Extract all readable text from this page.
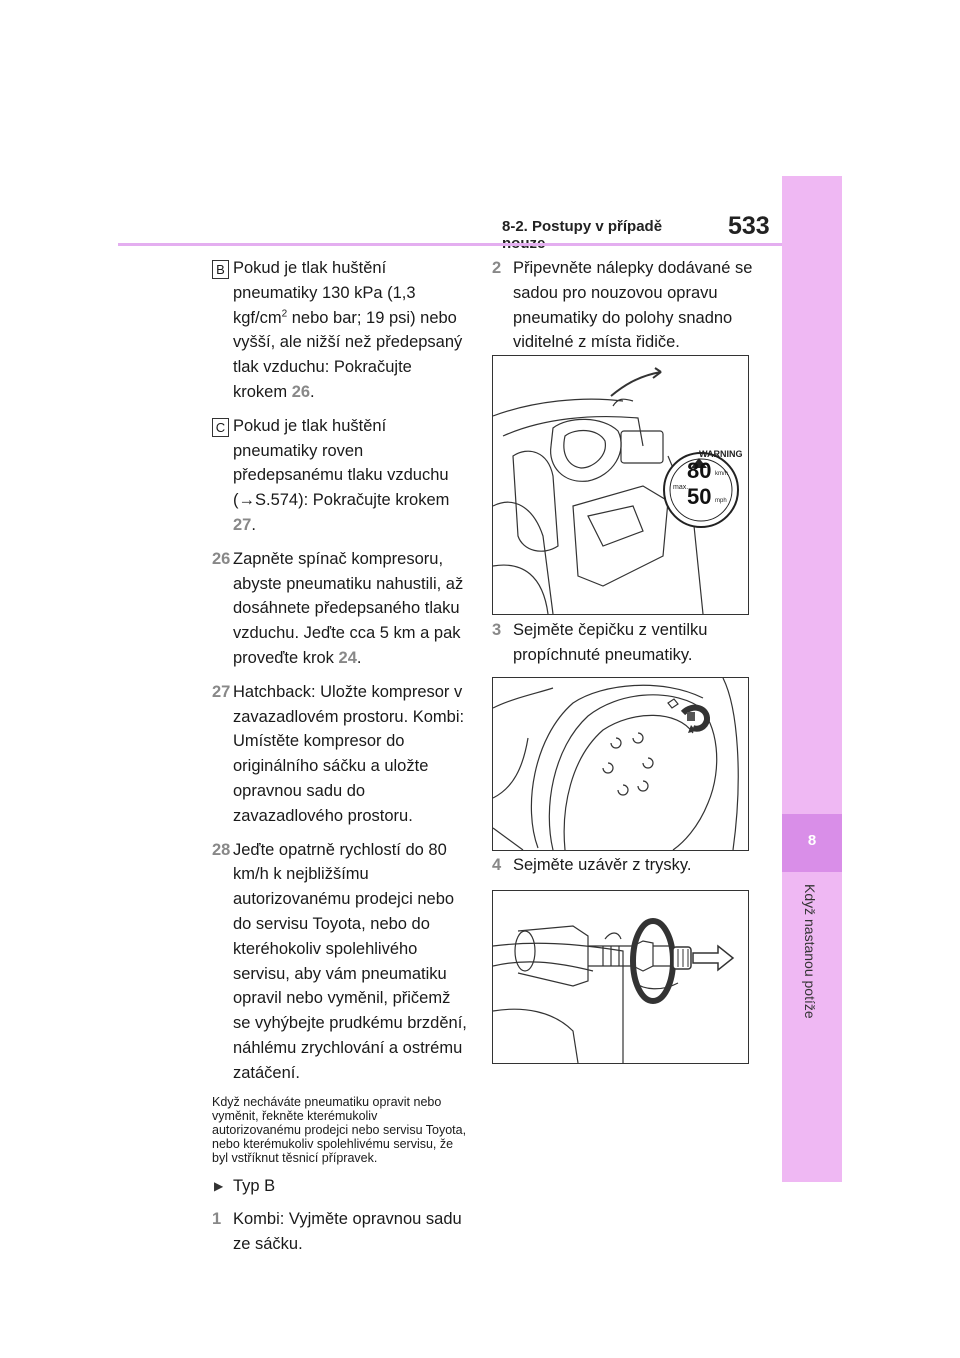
8-2. Postupy v případě	533
8
Když nastanou potíže

B Pokud je tlak huštění pneumatiky 130 kPa (1,3 kgf/$cm^2$ nebo bar; 19 psi) nebo vyšší, ale nižší než předepsaný tlak vzduchu: Pokračujte krokem 26.

C Pokud je tlak huštění pneumatiky roven předepsanému tlaku vzduchu (→S.574): Pokračujte krokem 27.

26 Zapněte spínač kompresoru, abyste pneumatiku nahustili, až dosáhnete předepsaného tlaku vzduchu. Jeďte cca 5 km a pak proveďte krok 24.

27 Hatchback: Uložte kompresor v zavazadlovém prostoru. Kombi: Umístěte kompresor do originálního sáčku a uložte opravnou sadu do zavazadlového prostoru.

28 Jeďte opatrně rychlostí do 80 km/h k nejbližšímu autorizovanému prodejci nebo do servisu Toyota, nebo do kteréhokoliv spolehlivého servisu, aby vám pneumatiku opravil nebo vyměnil, přičemž se vyhýbejte prudkému brzdění, náhlému zrychlování a ostrému zatáčení.

Když necháváte pneumatiku opravit nebo vyměnit, řekněte kterémukoliv autorizovanému prodejci nebo servisu Toyota, nebo kterémukoliv spolehlivému servisu, že byl vstříknut těsnicí přípravek.

▶ Typ B

1 Kombi: Vyjměte opravnou sadu ze sáčku.

2 Připevněte nálepky dodávané se sadou pro nouzovou opravu pneumatiky do polohy snadno viditelné z místa řidiče.

WARNING
80 km/h
max.
50 mph

3 Sejměte čepičku z ventilku propíchnuté pneumatiky.

4 Sejměte uzávěr z trysky.
